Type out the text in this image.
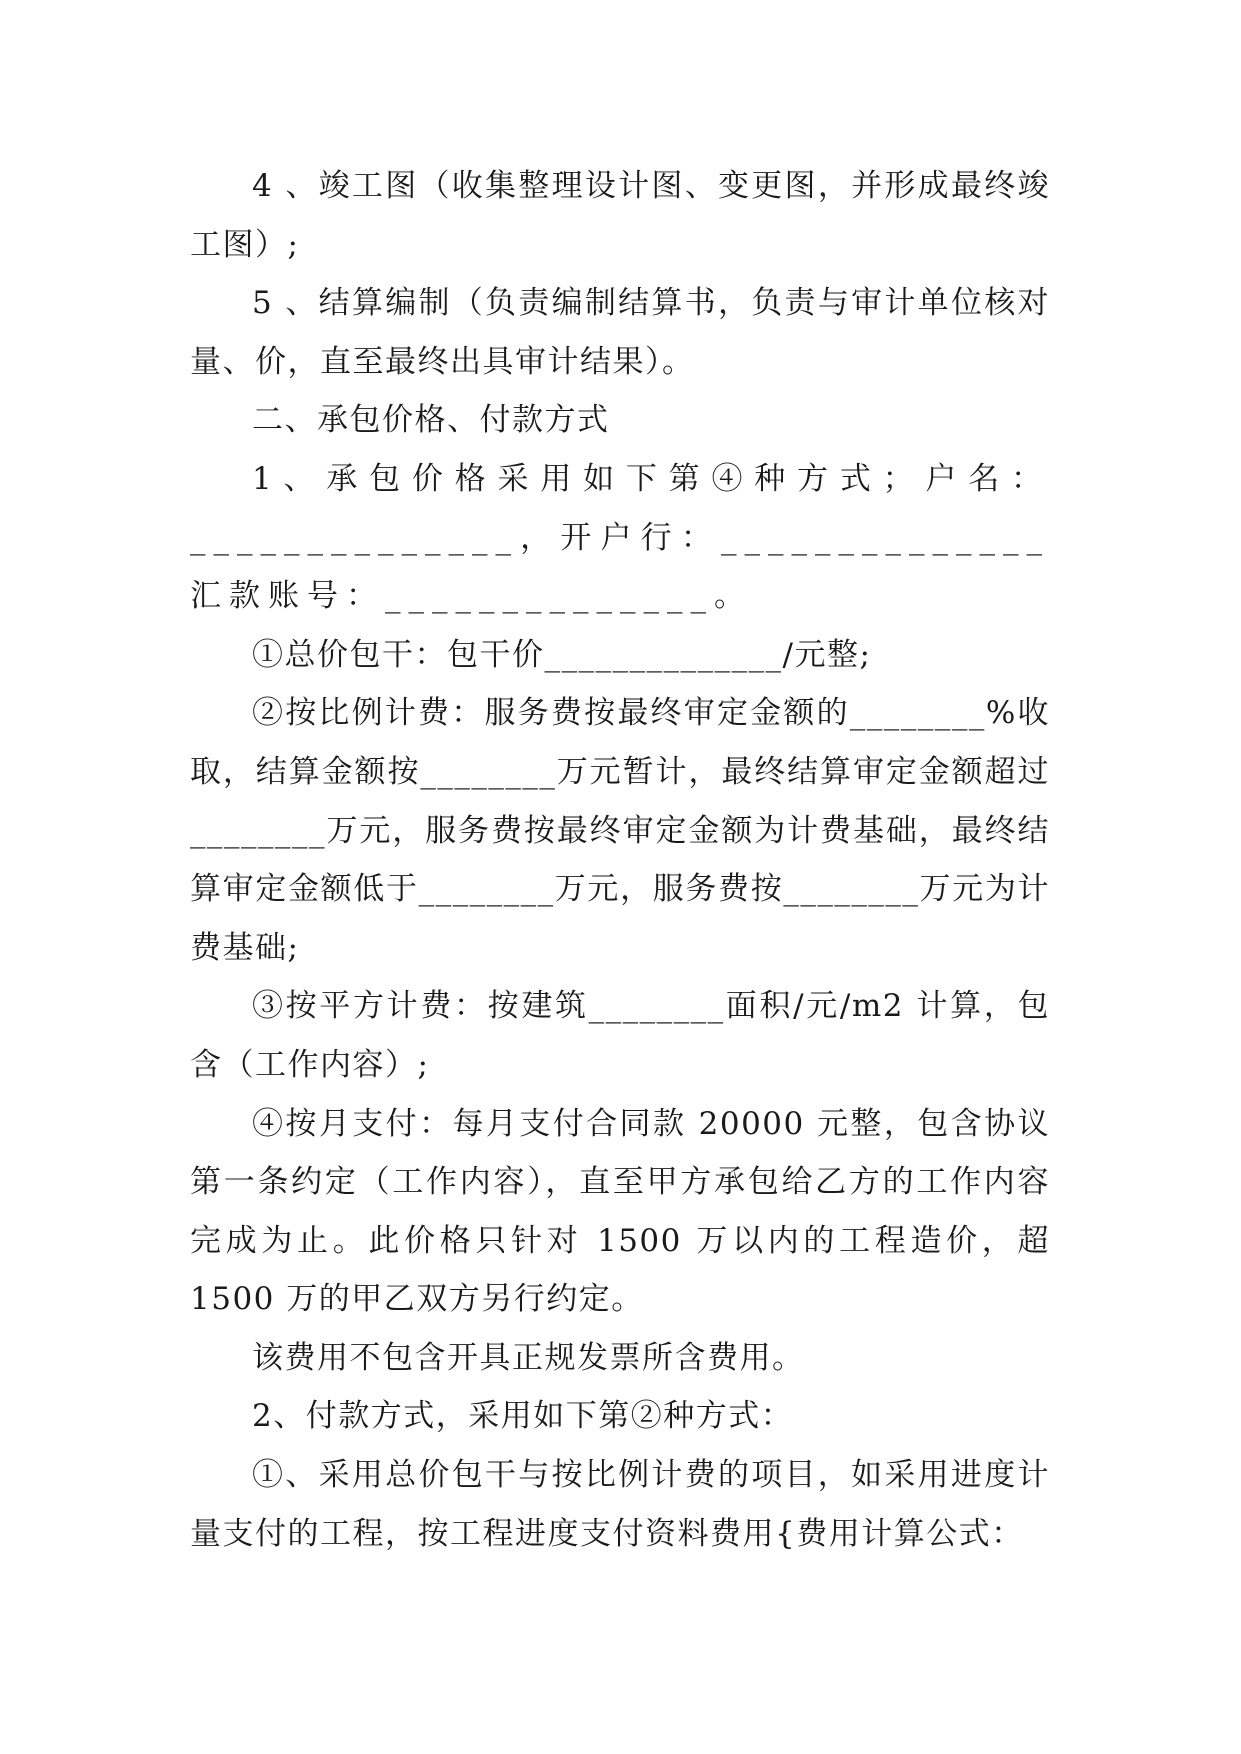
4 、竣工图（收集整理设计图、变更图，并形成最终竣工图）;

5 、结算编制（负责编制结算书，负责与审计单位核对量、价，直至最终出具审计结果）。

二、承包价格、付款方式

1、承包价格采用如下第④种方式；户名：______________，开户行：______________汇款账号：______________。

①总价包干：包干价______________/元整;

②按比例计费：服务费按最终审定金额的________%收取，结算金额按________万元暂计，最终结算审定金额超过________万元，服务费按最终审定金额为计费基础，最终结算审定金额低于________万元，服务费按________万元为计费基础;

③按平方计费：按建筑________面积/元/m2 计算，包含（工作内容）;

④按月支付：每月支付合同款 20000 元整，包含协议第一条约定（工作内容），直至甲方承包给乙方的工作内容完成为止。此价格只针对 1500 万以内的工程造价，超 1500 万的甲乙双方另行约定。

该费用不包含开具正规发票所含费用。

2、付款方式，采用如下第②种方式：

①、采用总价包干与按比例计费的项目，如采用进度计量支付的工程，按工程进度支付资料费用{费用计算公式：
